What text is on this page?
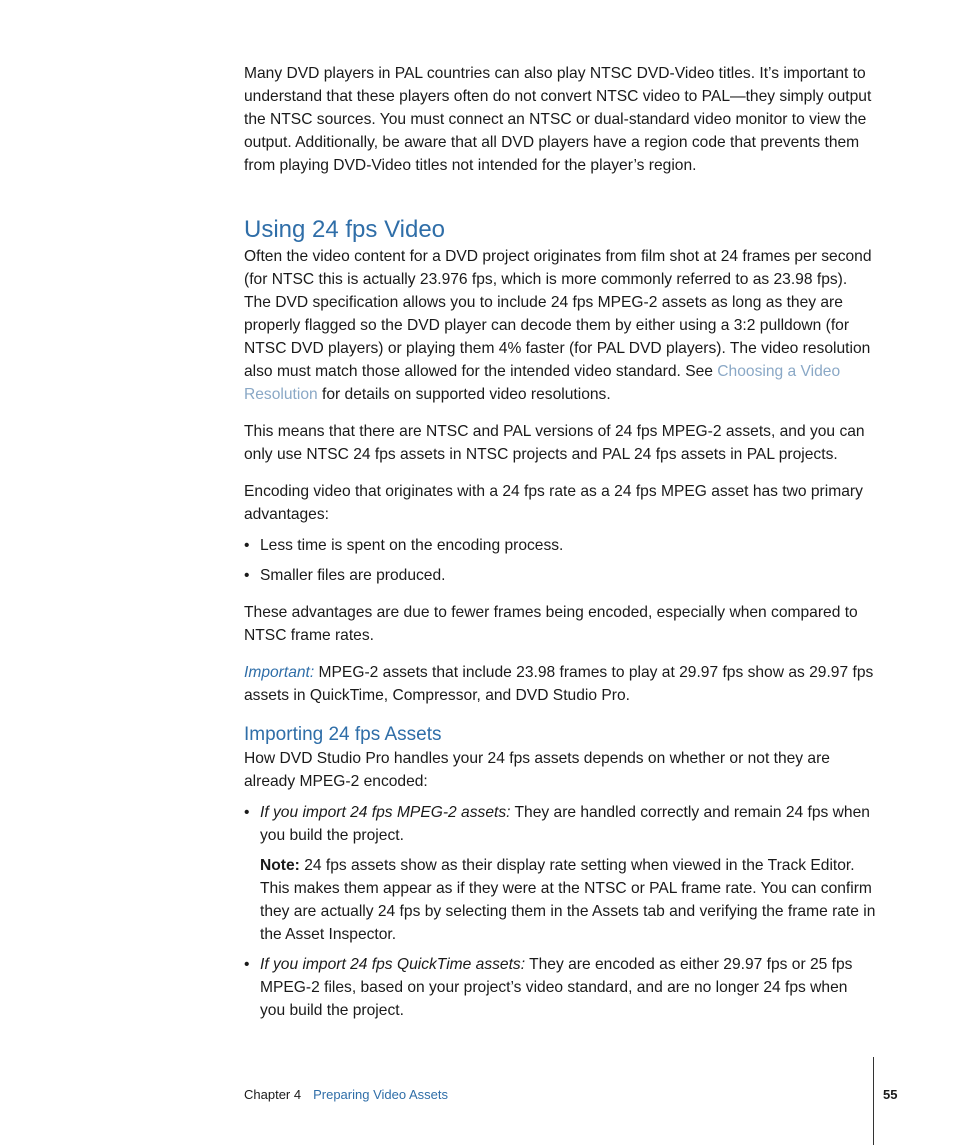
Many DVD players in PAL countries can also play NTSC DVD-Video titles. It’s important to understand that these players often do not convert NTSC video to PAL—they simply output the NTSC sources. You must connect an NTSC or dual-standard video monitor to view the output. Additionally, be aware that all DVD players have a region code that prevents them from playing DVD-Video titles not intended for the player’s region.

Using 24 fps Video

Often the video content for a DVD project originates from film shot at 24 frames per second (for NTSC this is actually 23.976 fps, which is more commonly referred to as 23.98 fps). The DVD specification allows you to include 24 fps MPEG-2 assets as long as they are properly flagged so the DVD player can decode them by either using a 3:2 pulldown (for NTSC DVD players) or playing them 4% faster (for PAL DVD players). The video resolution also must match those allowed for the intended video standard. See Choosing a Video Resolution for details on supported video resolutions.

This means that there are NTSC and PAL versions of 24 fps MPEG-2 assets, and you can only use NTSC 24 fps assets in NTSC projects and PAL 24 fps assets in PAL projects.

Encoding video that originates with a 24 fps rate as a 24 fps MPEG asset has two primary advantages:

• Less time is spent on the encoding process.
• Smaller files are produced.

These advantages are due to fewer frames being encoded, especially when compared to NTSC frame rates.

Important: MPEG-2 assets that include 23.98 frames to play at 29.97 fps show as 29.97 fps assets in QuickTime, Compressor, and DVD Studio Pro.

Importing 24 fps Assets

How DVD Studio Pro handles your 24 fps assets depends on whether or not they are already MPEG-2 encoded:

• If you import 24 fps MPEG-2 assets: They are handled correctly and remain 24 fps when you build the project.

Note: 24 fps assets show as their display rate setting when viewed in the Track Editor. This makes them appear as if they were at the NTSC or PAL frame rate. You can confirm they are actually 24 fps by selecting them in the Assets tab and verifying the frame rate in the Asset Inspector.

• If you import 24 fps QuickTime assets: They are encoded as either 29.97 fps or 25 fps MPEG-2 files, based on your project’s video standard, and are no longer 24 fps when you build the project.
Chapter 4 Preparing Video Assets	55
